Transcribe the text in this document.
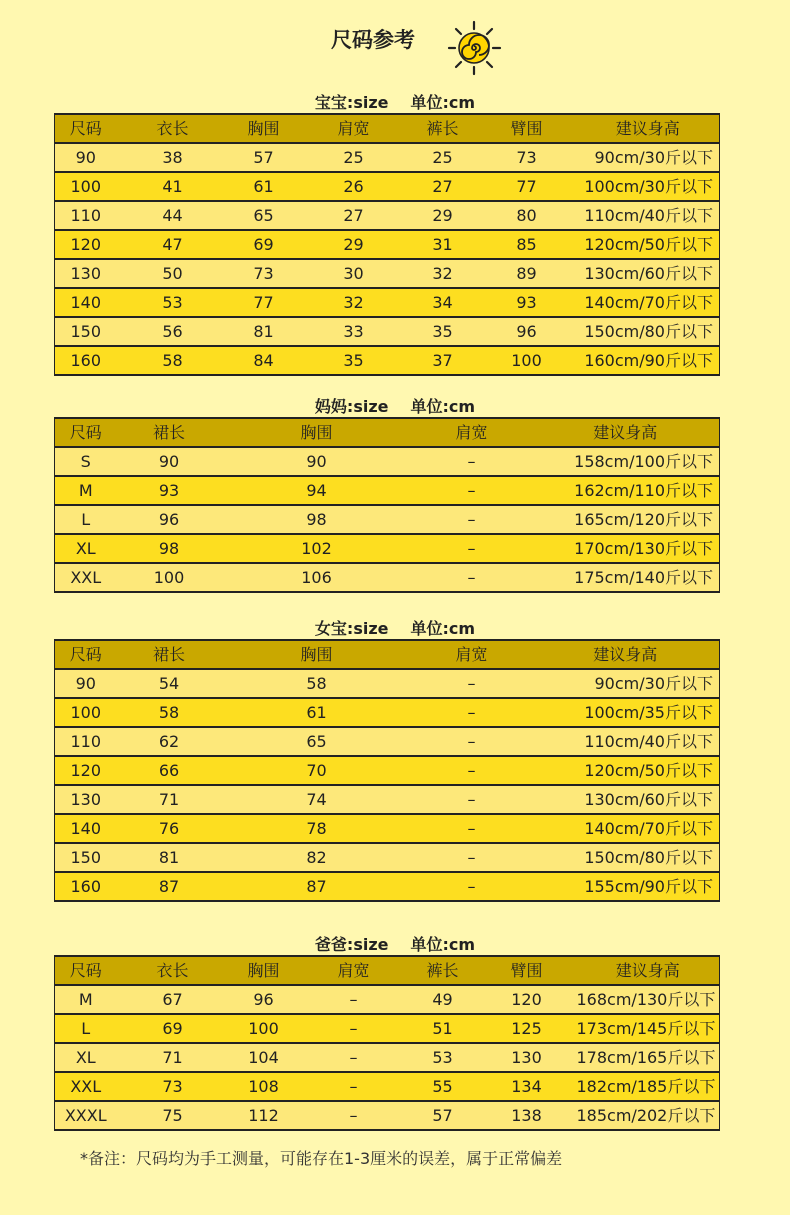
尺码参考
宝宝:size 单位:cm
尺码	衣长	胸围	肩宽	裤长	臂围	建议身高
90	38	57	25	25	73	90cm/30斤以下
100	41	61	26	27	77	100cm/30斤以下
110	44	65	27	29	80	110cm/40斤以下
120	47	69	29	31	85	120cm/50斤以下
130	50	73	30	32	89	130cm/60斤以下
140	53	77	32	34	93	140cm/70斤以下
150	56	81	33	35	96	150cm/80斤以下
160	58	84	35	37	100	160cm/90斤以下
妈妈:size 单位:cm
尺码	裙长	胸围	肩宽	建议身高
S	90	90	–	158cm/100斤以下
M	93	94	–	162cm/110斤以下
L	96	98	–	165cm/120斤以下
XL	98	102	–	170cm/130斤以下
XXL	100	106	–	175cm/140斤以下
女宝:size 单位:cm
尺码	裙长	胸围	肩宽	建议身高
90	54	58	–	90cm/30斤以下
100	58	61	–	100cm/35斤以下
110	62	65	–	110cm/40斤以下
120	66	70	–	120cm/50斤以下
130	71	74	–	130cm/60斤以下
140	76	78	–	140cm/70斤以下
150	81	82	–	150cm/80斤以下
160	87	87	–	155cm/90斤以下
爸爸:size 单位:cm
尺码	衣长	胸围	肩宽	裤长	臂围	建议身高
M	67	96	–	49	120	168cm/130斤以下
L	69	100	–	51	125	173cm/145斤以下
XL	71	104	–	53	130	178cm/165斤以下
XXL	73	108	–	55	134	182cm/185斤以下
XXXL	75	112	–	57	138	185cm/202斤以下
*备注：尺码均为手工测量，可能存在1-3厘米的误差，属于正常偏差
